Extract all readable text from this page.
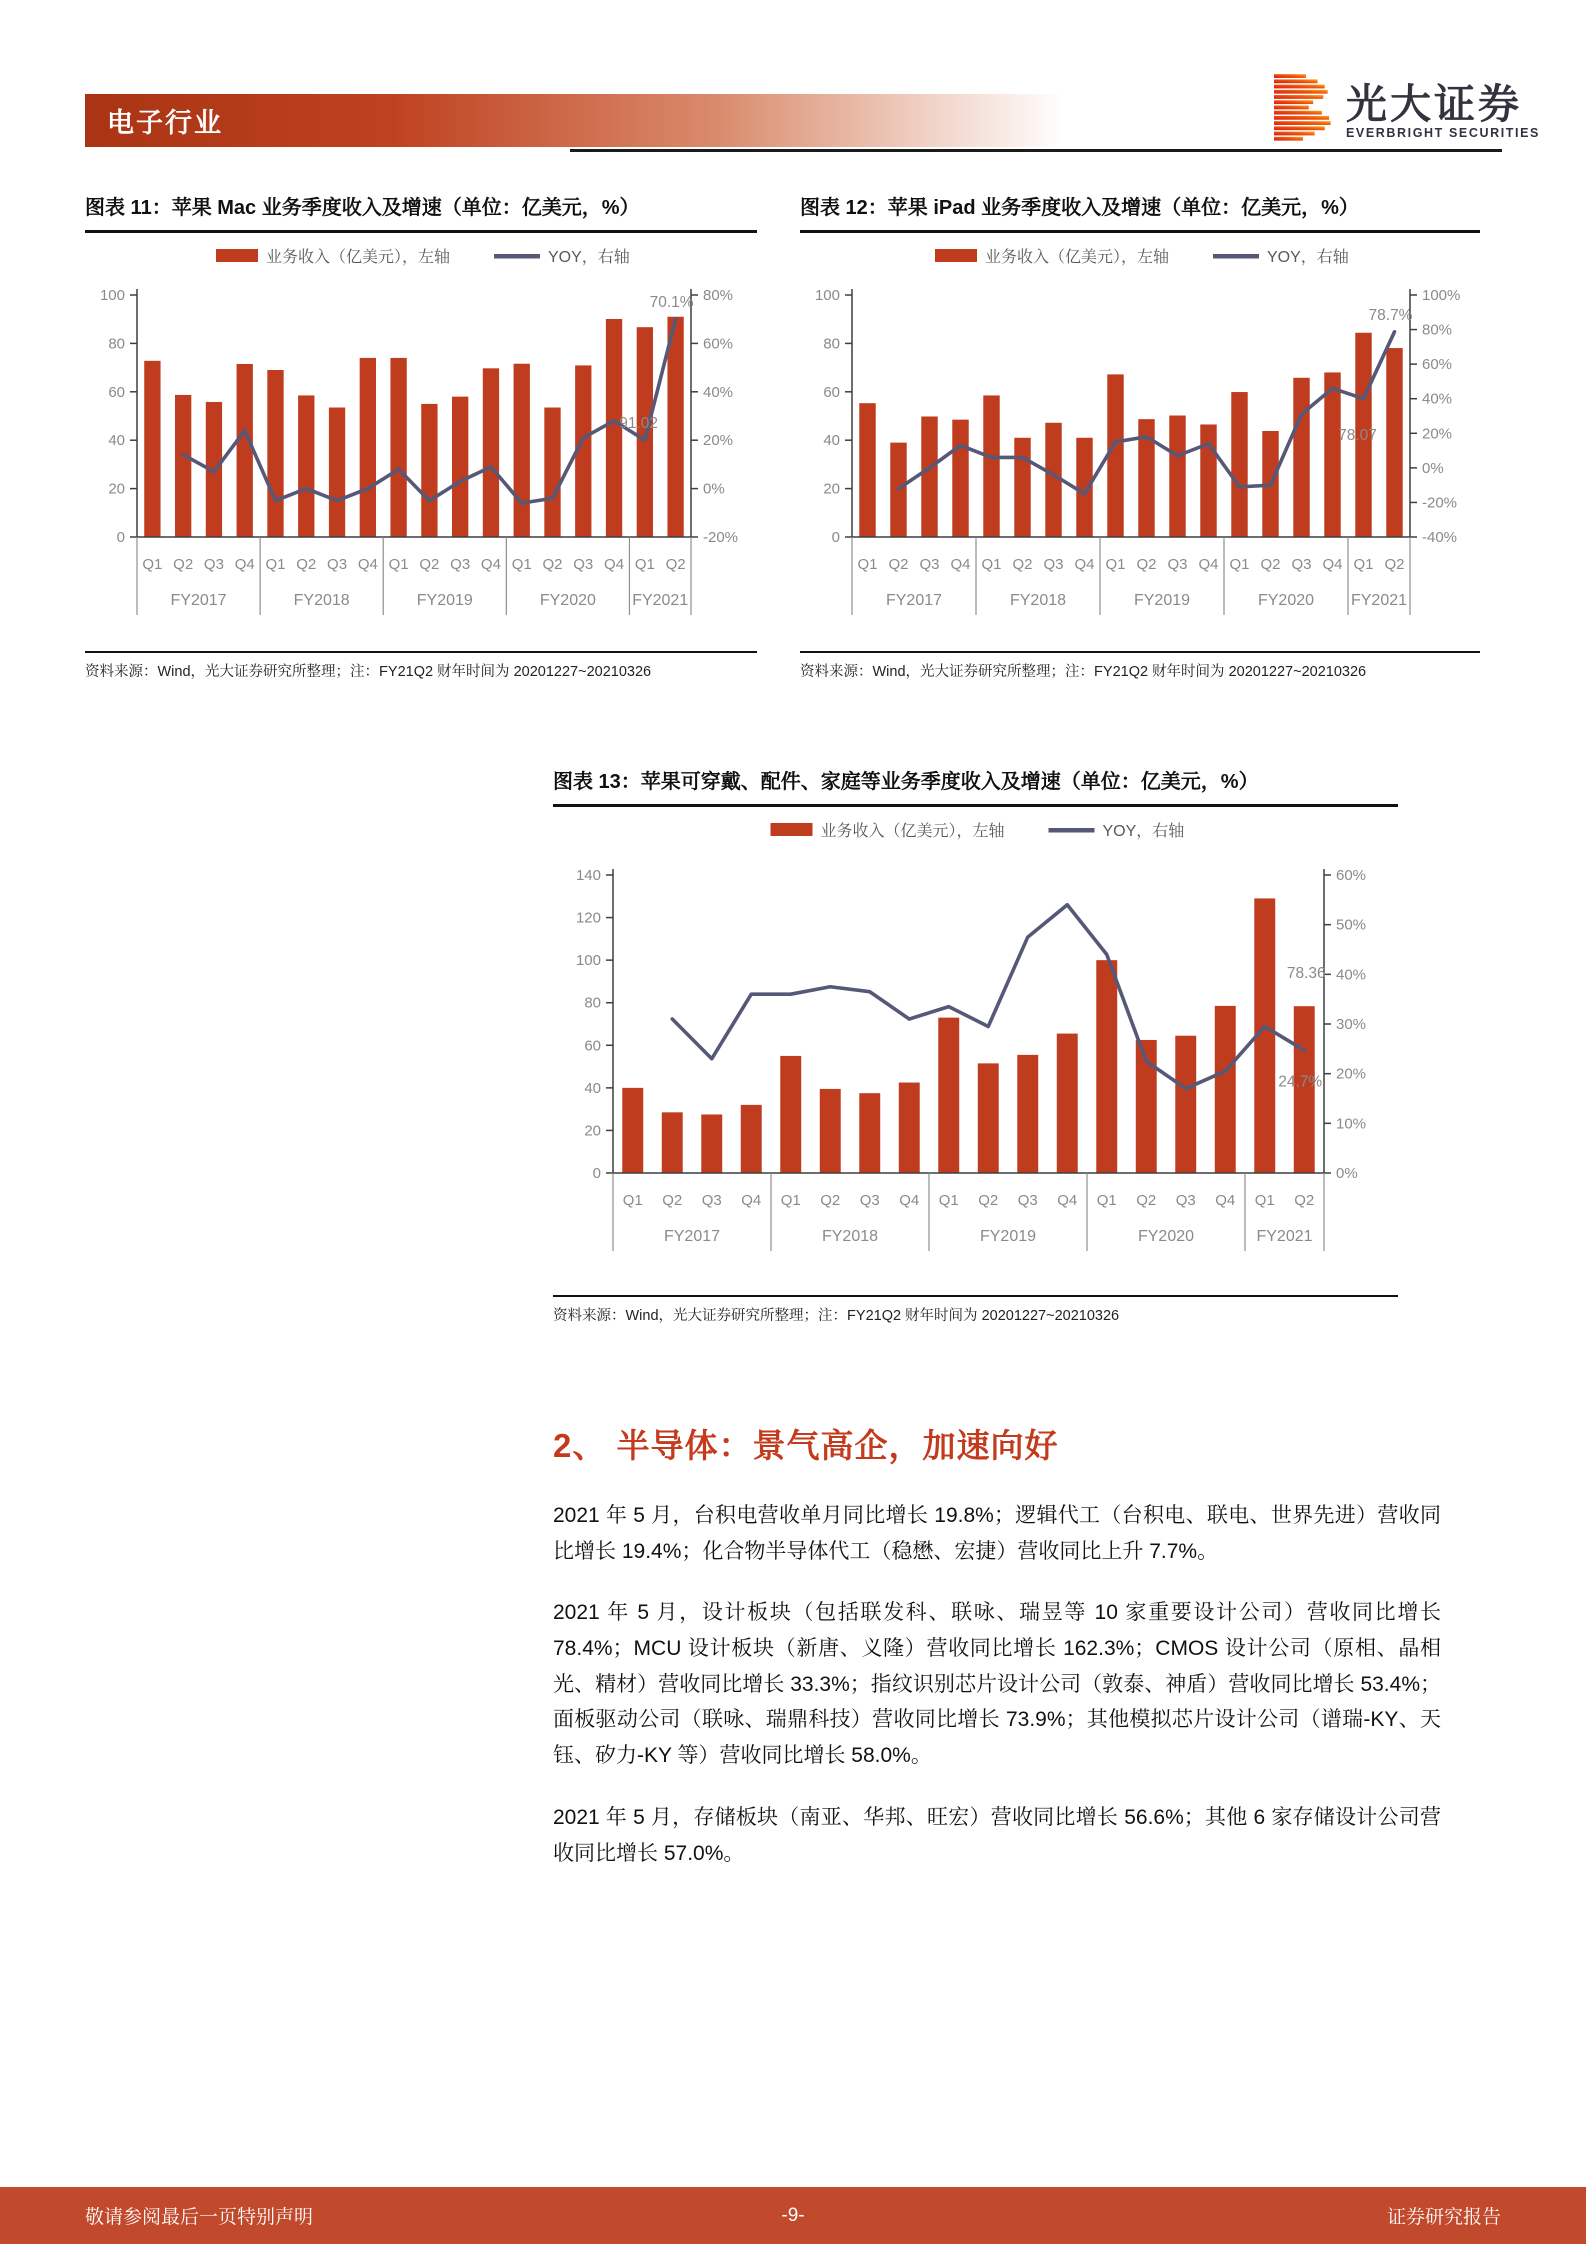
电子行业	光大证券
EVERBRIGHT SECURITIES
图表 11：苹果 Mac 业务季度收入及增速（单位：亿美元，%）
业务收入（亿美元），左轴	YOY，右轴
0
20
40
60
80
100
-20%
0%
20%
40%
60%
80%
Q1 Q2 Q3 Q4 Q1 Q2 Q3 Q4 Q1 Q2 Q3 Q4 Q1 Q2 Q3 Q4 Q1 Q2
FY2017	FY2018	FY2019	FY2020 FY2021
91.02
70.1%
资料来源：Wind，光大证券研究所整理；注：FY21Q2 财年时间为 20201227~20210326
图表 12：苹果 iPad 业务季度收入及增速（单位：亿美元，%）
业务收入（亿美元），左轴	YOY，右轴
0
20
40
60
80
100
-40%
-20%
0%
20%
40%
60%
80%
100%
Q1 Q2 Q3 Q4 Q1 Q2 Q3 Q4 Q1 Q2 Q3 Q4 Q1 Q2 Q3 Q4 Q1 Q2
FY2017	FY2018	FY2019	FY2020 FY2021
78.07
78.7%
资料来源：Wind，光大证券研究所整理；注：FY21Q2 财年时间为 20201227~20210326
图表 13：苹果可穿戴、配件、家庭等业务季度收入及增速（单位：亿美元，%）
业务收入（亿美元），左轴	YOY，右轴
0
20
40
60
80
100
120
140
0%
10%
20%
30%
40%
50%
60%
Q1 Q2 Q3 Q4 Q1 Q2 Q3 Q4 Q1 Q2 Q3 Q4 Q1 Q2 Q3 Q4 Q1 Q2
FY2017	FY2018	FY2019	FY2020	FY2021
78.36
24.7%
资料来源：Wind，光大证券研究所整理；注：FY21Q2 财年时间为 20201227~20210326
2、 半导体：景气高企，加速向好

2021 年 5 月，台积电营收单月同比增长 19.8%；逻辑代工（台积电、联电、世界先进）营收同比增长 19.4%；化合物半导体代工（稳懋、宏捷）营收同比上升 7.7%。

2021 年 5 月，设计板块（包括联发科、联咏、瑞昱等 10 家重要设计公司）营收同比增长 78.4%；MCU 设计板块（新唐、义隆）营收同比增长 162.3%；CMOS 设计公司（原相、晶相光、精材）营收同比增长 33.3%；指纹识别芯片设计公司（敦泰、神盾）营收同比增长 53.4%；面板驱动公司（联咏、瑞鼎科技）营收同比增长 73.9%；其他模拟芯片设计公司（谱瑞-KY、天钰、矽力-KY 等）营收同比增长 58.0%。

2021 年 5 月，存储板块（南亚、华邦、旺宏）营收同比增长 56.6%；其他 6 家存储设计公司营收同比增长 57.0%。

-9-
敬请参阅最后一页特别声明	证券研究报告
